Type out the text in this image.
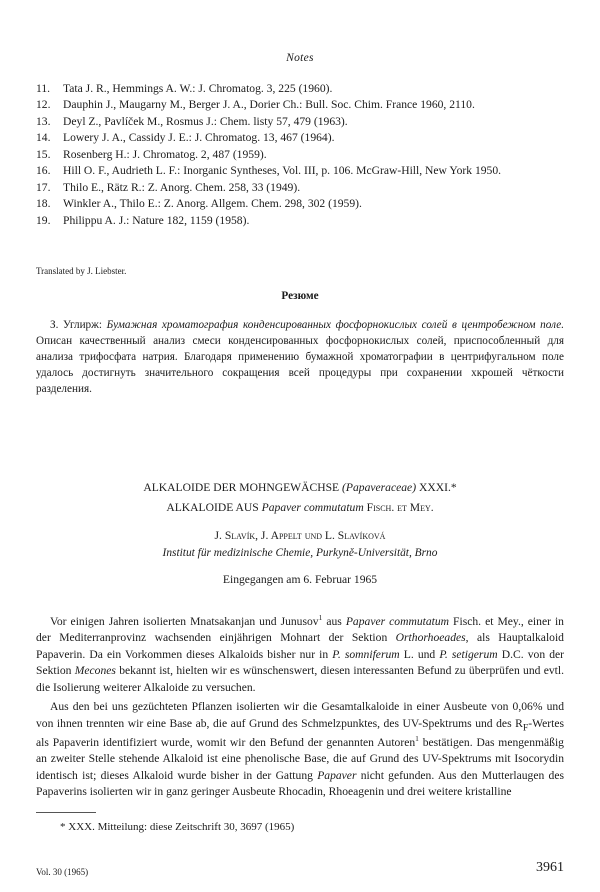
Notes
11.	Tata J. R., Hemmings A. W.: J. Chromatog. 3, 225 (1960).
12.	Dauphin J., Maugarny M., Berger J. A., Dorier Ch.: Bull. Soc. Chim. France 1960, 2110.
13.	Deyl Z., Pavlíček M., Rosmus J.: Chem. listy 57, 479 (1963).
14.	Lowery J. A., Cassidy J. E.: J. Chromatog. 13, 467 (1964).
15.	Rosenberg H.: J. Chromatog. 2, 487 (1959).
16.	Hill O. F., Audrieth L. F.: Inorganic Syntheses, Vol. III, p. 106. McGraw-Hill, New York 1950.
17.	Thilo E., Rätz R.: Z. Anorg. Chem. 258, 33 (1949).
18.	Winkler A., Thilo E.: Z. Anorg. Allgem. Chem. 298, 302 (1959).
19.	Philippu A. J.: Nature 182, 1159 (1958).
Translated by J. Liebster.
Резюме

З. Углирж: Бумажная хроматография конденсированных фосфорнокислых солей в центробежном поле. Описан качественный анализ смеси конденсированных фосфорнокислых солей, приспособленный для анализа трифосфата натрия. Благодаря применению бумажной хроматографии в центрифугальном поле удалось достигнуть значительного сокращения всей процедуры при сохранении хкрошей чёткости разделения.

ALKALOIDE DER MOHNGEWÄCHSE (Papaveraceae) XXXI.*
ALKALOIDE AUS Papaver commutatum Fisch. et Mey.
J. Slavík, J. Appelt und L. Slavíková
Institut für medizinische Chemie, Purkyně-Universität, Brno
Eingegangen am 6. Februar 1965

Vor einigen Jahren isolierten Mnatsakanjan und Junusov$^1$ aus Papaver commutatum Fisch. et Mey., einer in der Mediterranprovinz wachsenden einjährigen Mohnart der Sektion Orthorhoeades, als Hauptalkaloid Papaverin. Da ein Vorkommen dieses Alkaloids bisher nur in P. somniferum L. und P. setigerum D.C. von der Sektion Mecones bekannt ist, hielten wir es wünschenswert, diesen interessanten Befund zu überprüfen und evtl. die Isolierung weiterer Alkaloide zu versuchen.

Aus den bei uns gezüchteten Pflanzen isolierten wir die Gesamtalkaloide in einer Ausbeute von 0,06% und von ihnen trennten wir eine Base ab, die auf Grund des Schmelzpunktes, des UV-Spektrums und des $R_F$-Wertes als Papaverin identifiziert wurde, womit wir den Befund der genannten Autoren$^1$ bestätigen. Das mengenmäßig an zweiter Stelle stehende Alkaloid ist eine phenolische Base, die auf Grund des UV-Spektrums mit Isocorydin identisch ist; dieses Alkaloid wurde bisher in der Gattung Papaver nicht gefunden. Aus den Mutterlaugen des Papaverins isolierten wir in ganz geringer Ausbeute Rhocadin, Rhoeagenin und drei weitere kristalline

* XXX. Mitteilung: diese Zeitschrift 30, 3697 (1965)
Vol. 30 (1965)	3961
